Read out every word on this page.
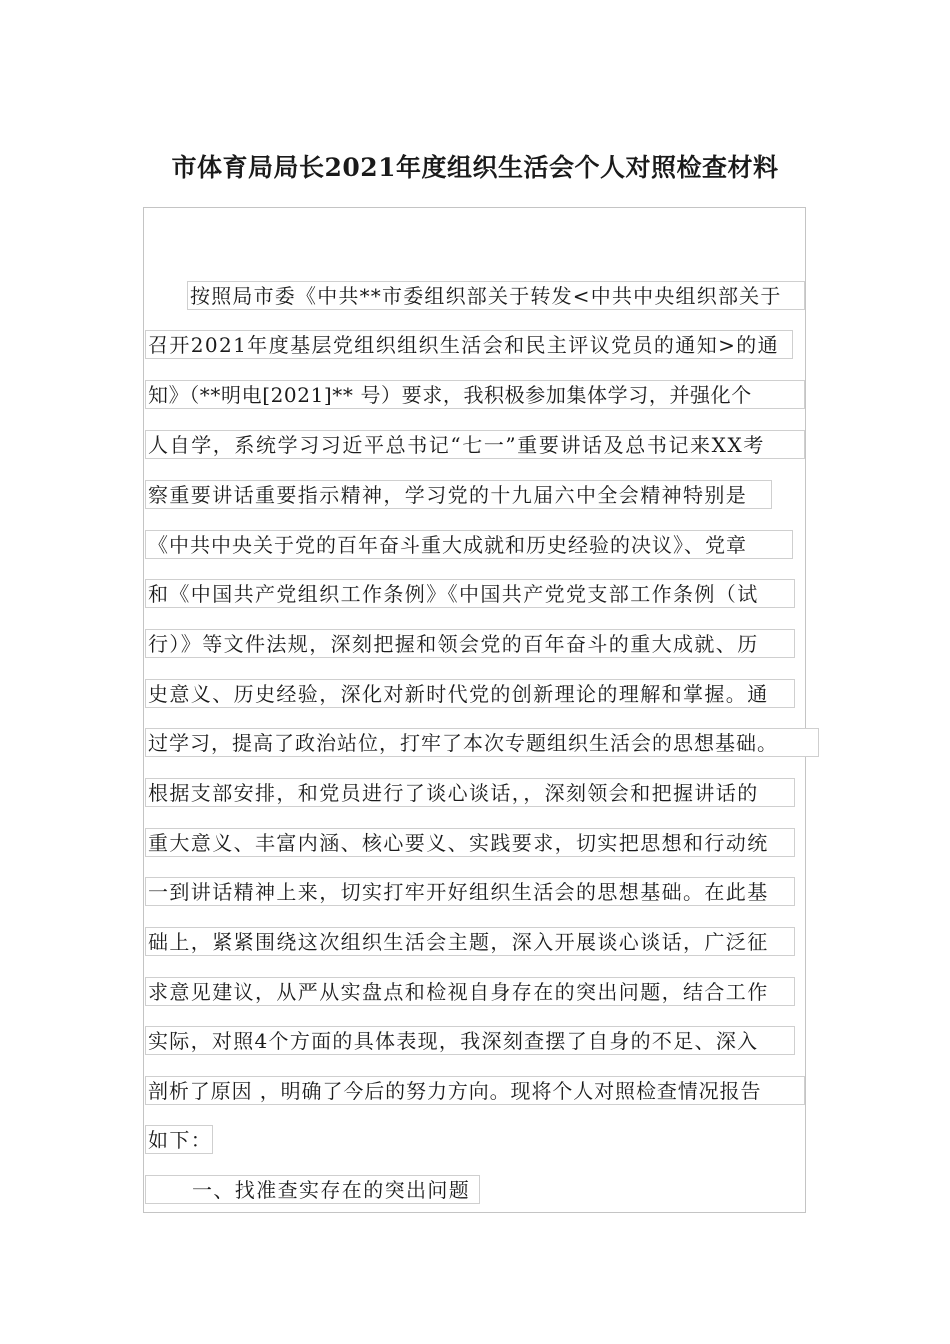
市体育局局长2021年度组织生活会个人对照检查材料
按照局市委《中共**市委组织部关于转发<中共中央组织部关于
召开2021年度基层党组织组织生活会和民主评议党员的通知>的通
知》（**明电[2021]** 号）要求，我积极参加集体学习，并强化个
人自学，系统学习习近平总书记“七一”重要讲话及总书记来XX考
察重要讲话重要指示精神，学习党的十九届六中全会精神特别是
《中共中央关于党的百年奋斗重大成就和历史经验的决议》、党章
和《中国共产党组织工作条例》《中国共产党党支部工作条例（试
行）》等文件法规，深刻把握和领会党的百年奋斗的重大成就、历
史意义、历史经验，深化对新时代党的创新理论的理解和掌握。通
过学习，提高了政治站位，打牢了本次专题组织生活会的思想基础。
根据支部安排，和党员进行了谈心谈话，，深刻领会和把握讲话的
重大意义、丰富内涵、核心要义、实践要求，切实把思想和行动统
一到讲话精神上来，切实打牢开好组织生活会的思想基础。在此基
础上，紧紧围绕这次组织生活会主题，深入开展谈心谈话，广泛征
求意见建议，从严从实盘点和检视自身存在的突出问题，结合工作
实际，对照4个方面的具体表现，我深刻查摆了自身的不足、深入
剖析了原因 ，明确了今后的努力方向。现将个人对照检查情况报告
如下：
一、找准查实存在的突出问题
